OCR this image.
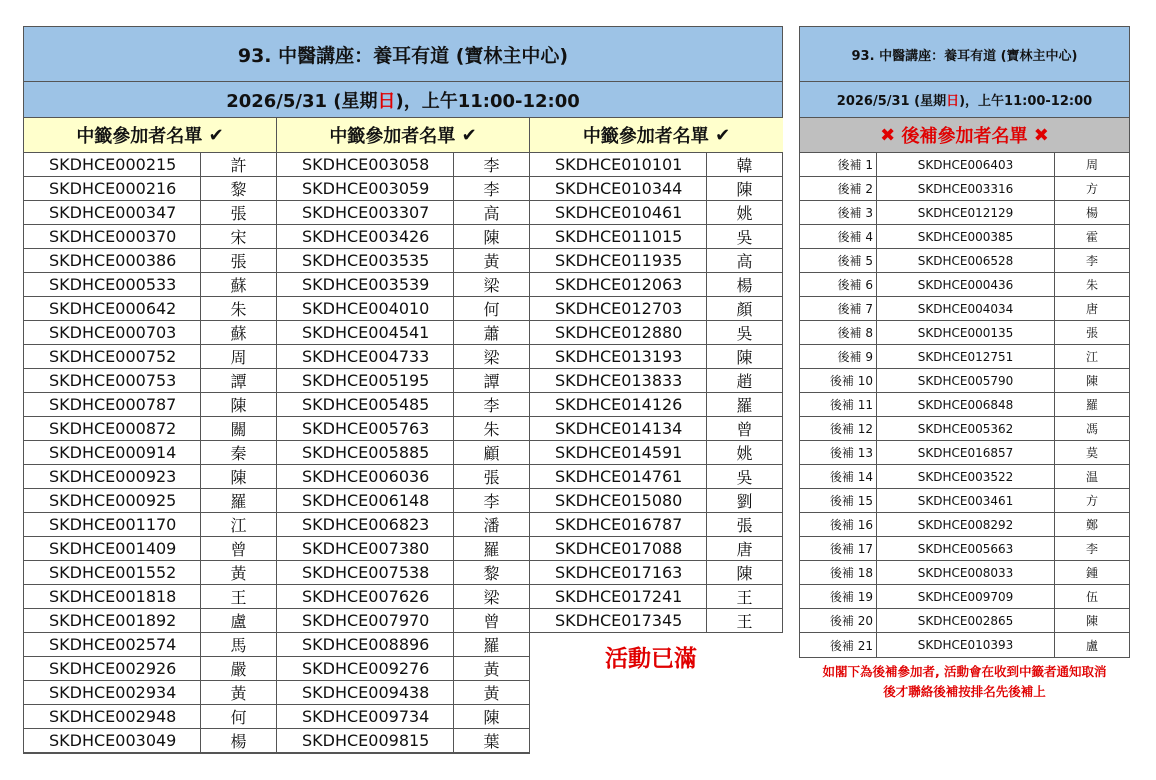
93. 中醫講座：養耳有道 (寶林主中心)
2026/5/31 (星期 日 )，上午11:00-12:00
中籤參加者名單
✔	中籤參加者名單
✔	中籤參加者名單
✔
SKDHCE000215	許
SKDHCE000216	黎
SKDHCE000347	張
SKDHCE000370	宋
SKDHCE000386	張
SKDHCE000533	蘇
SKDHCE000642	朱
SKDHCE000703	蘇
SKDHCE000752	周
SKDHCE000753	譚
SKDHCE000787	陳
SKDHCE000872	關
SKDHCE000914	秦
SKDHCE000923	陳
SKDHCE000925	羅
SKDHCE001170	江
SKDHCE001409	曾
SKDHCE001552	黃
SKDHCE001818	王
SKDHCE001892	盧
SKDHCE002574	馬
SKDHCE002926	嚴
SKDHCE002934	黃
SKDHCE002948	何
SKDHCE003049	楊
SKDHCE003058	李
SKDHCE003059	李
SKDHCE003307	高
SKDHCE003426	陳
SKDHCE003535	黃
SKDHCE003539	梁
SKDHCE004010	何
SKDHCE004541	蕭
SKDHCE004733	梁
SKDHCE005195	譚
SKDHCE005485	李
SKDHCE005763	朱
SKDHCE005885	顧
SKDHCE006036	張
SKDHCE006148	李
SKDHCE006823	潘
SKDHCE007380	羅
SKDHCE007538	黎
SKDHCE007626	梁
SKDHCE007970	曾
SKDHCE008896	羅
SKDHCE009276	黃
SKDHCE009438	黃
SKDHCE009734	陳
SKDHCE009815	葉
SKDHCE010101	韓
SKDHCE010344	陳
SKDHCE010461	姚
SKDHCE011015	吳
SKDHCE011935	高
SKDHCE012063	楊
SKDHCE012703	顏
SKDHCE012880	吳
SKDHCE013193	陳
SKDHCE013833	趙
SKDHCE014126	羅
SKDHCE014134	曾
SKDHCE014591	姚
SKDHCE014761	吳
SKDHCE015080	劉
SKDHCE016787	張
SKDHCE017088	唐
SKDHCE017163	陳
SKDHCE017241	王
SKDHCE017345	王
活動已滿
93. 中醫講座：養耳有道 (寶林主中心)
2026/5/31 (星期 日 )，上午11:00-12:00
✖
後補參加者名單
✖
後補 1	SKDHCE006403	周
後補 2	SKDHCE003316	方
後補 3	SKDHCE012129	楊
後補 4	SKDHCE000385	霍
後補 5	SKDHCE006528	李
後補 6	SKDHCE000436	朱
後補 7	SKDHCE004034	唐
後補 8	SKDHCE000135	張
後補 9	SKDHCE012751	江
後補 10	SKDHCE005790	陳
後補 11	SKDHCE006848	羅
後補 12	SKDHCE005362	馮
後補 13	SKDHCE016857	莫
後補 14	SKDHCE003522	温
後補 15	SKDHCE003461	方
後補 16	SKDHCE008292	鄭
後補 17	SKDHCE005663	李
後補 18	SKDHCE008033	鍾
後補 19	SKDHCE009709	伍
後補 20	SKDHCE002865	陳
後補 21	SKDHCE010393	盧
如閣下為後補參加者, 活動會在收到中籤者通知取消
後才聯絡後補按排名先後補上
